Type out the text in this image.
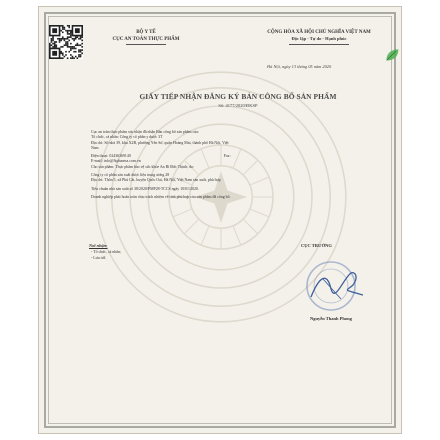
BỘ Y TẾ
CỤC AN TOÀN THỰC PHẨM
CỘNG HÒA XÃ HỘI CHỦ NGHĨA VIỆT NAM
Độc lập - Tự do - Hạnh phúc
Hà Nội, ngày 13 tháng 05 năm 2020
GIẤY TIẾP NHẬN ĐĂNG KÝ BẢN CÔNG BỐ SẢN PHẨM
Số: 4177/2020/ĐKSP
Cục an toàn thực phẩm xác nhận đã nhận Bản công bố sản phẩm của:
Tổ chức, cá nhân: Công ty cổ phần y dược 3T
Địa chỉ: Số nhà 39, khu X2B, phường Yên Sở, quận Hoàng Mai, thành phố Hà Nội, Việt
Nam
Điện thoại: 02436369140	Fax:
E-mail: info@3tpharma.com.vn
Cho sản phẩm: Thực phẩm bảo vệ sức khỏe An Bì Đức Thịnh; do:
Công ty cổ phần sản xuất dược liệu trung ương 28
Địa chỉ: Thôn 5, xã Phú Cát, huyện Quốc Oai, Hà Nội, Việt Nam sản xuất, phù hợp
Tiêu chuẩn nhà sản xuất số 38/2020/PMP28-TCCS ngày 10/01/2020.
Doanh nghiệp phải hoàn toàn chịu trách nhiệm về tính phù hợp của sản phẩm đã công bố.
Nơi nhận:
- Tổ chức, cá nhân;
- Lưu trữ.
CỤC TRƯỞNG
Nguyễn Thanh Phong
